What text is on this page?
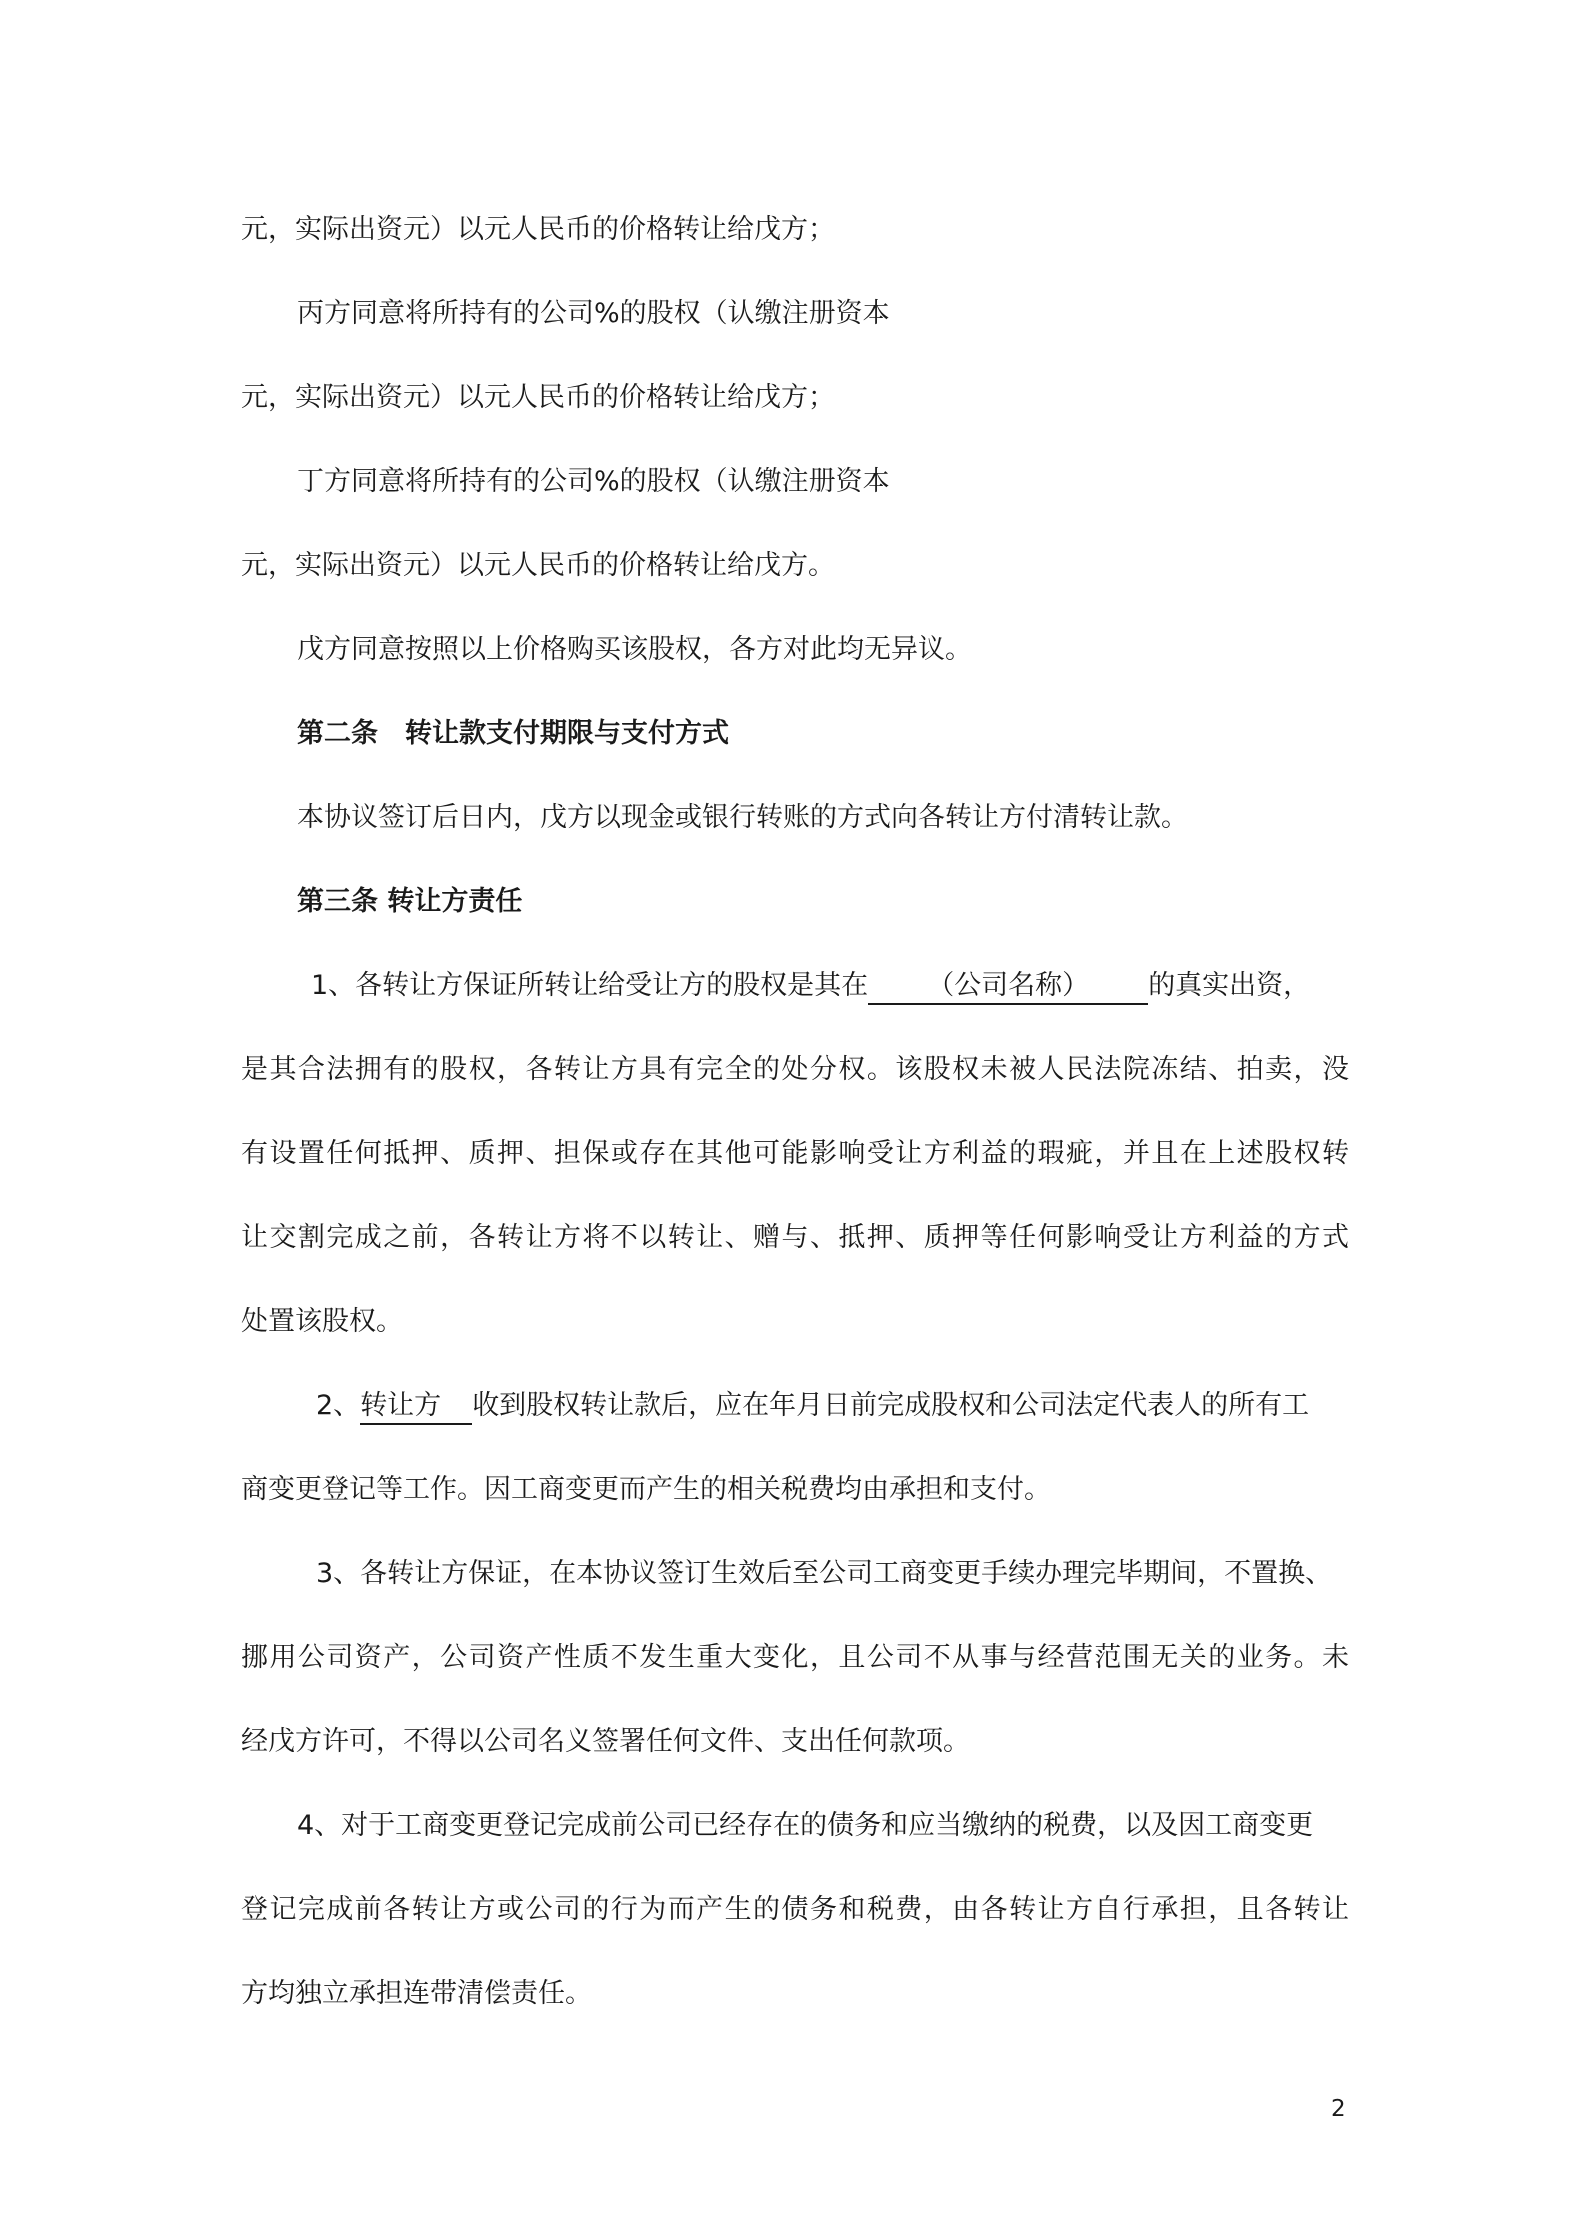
元，实际出资元）以元人民币的价格转让给戊方；
丙方同意将所持有的公司%的股权（认缴注册资本
元，实际出资元）以元人民币的价格转让给戊方；
丁方同意将所持有的公司%的股权（认缴注册资本
元，实际出资元）以元人民币的价格转让给戊方。
戊方同意按照以上价格购买该股权，各方对此均无异议。
第二条　转让款支付期限与支付方式
本协议签订后日内，戊方以现金或银行转账的方式向各转让方付清转让款。
第三条 转让方责任
1、各转让方保证所转让给受让方的股权是其在 （公司名称） 的真实出资，
是其合法拥有的股权，各转让方具有完全的处分权。该股权未被人民法院冻结、拍卖，没
有设置任何抵押、质押、担保或存在其他可能影响受让方利益的瑕疵，并且在上述股权转
让交割完成之前，各转让方将不以转让、赠与、抵押、质押等任何影响受让方利益的方式
处置该股权。
2、转让方 收到股权转让款后，应在年月日前完成股权和公司法定代表人的所有工
商变更登记等工作。因工商变更而产生的相关税费均由承担和支付。
3、各转让方保证，在本协议签订生效后至公司工商变更手续办理完毕期间，不置换、
挪用公司资产，公司资产性质不发生重大变化，且公司不从事与经营范围无关的业务。未
经戊方许可，不得以公司名义签署任何文件、支出任何款项。
4、对于工商变更登记完成前公司已经存在的债务和应当缴纳的税费，以及因工商变更
登记完成前各转让方或公司的行为而产生的债务和税费，由各转让方自行承担，且各转让
方均独立承担连带清偿责任。
2
